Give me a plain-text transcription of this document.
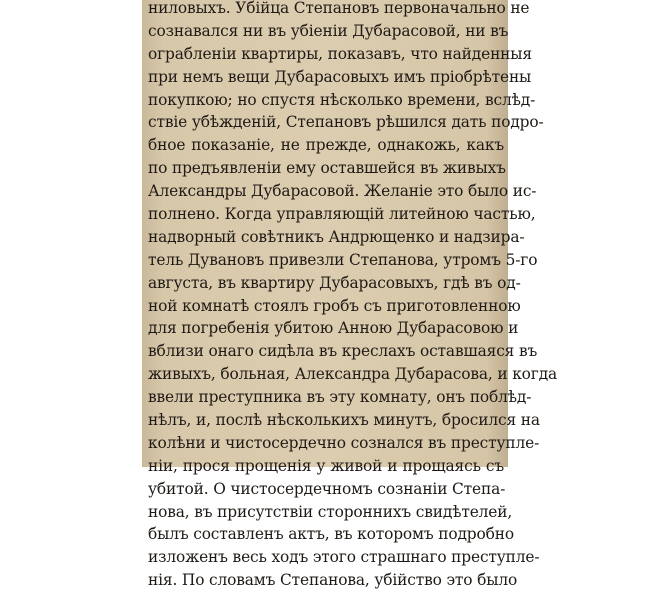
ниловыхъ. Убійца Степановъ первоначально не
сознавался ни въ убіеніи Дубарасовой, ни въ
ограбленіи квартиры, показавъ, что найденныя
при немъ вещи Дубарасовыхъ имъ пріобрѣтены
покупкою; но спустя нѣсколько времени, вслѣд-
ствіе убѣжденій, Степановъ рѣшился дать подро-
бное показаніе, не прежде, однакожь, какъ
по предъявленіи ему оставшейся въ живыхъ
Александры Дубарасовой. Желаніе это было ис-
полнено. Когда управляющій литейною частью,
надворный совѣтникъ Андрющенко и надзира-
тель Дувановъ привезли Степанова, утромъ 5-го
августа, въ квартиру Дубарасовыхъ, гдѣ въ од-
ной комнатѣ стоялъ гробъ съ приготовленною
для погребенія убитою Анною Дубарасовою и
вблизи онаго сидѣла въ креслахъ оставшаяся въ
живыхъ, больная, Александра Дубарасова, и когда
ввели преступника въ эту комнату, онъ поблѣд-
нѣлъ, и, послѣ нѣсколькихъ минутъ, бросился на
колѣни и чистосердечно сознался въ преступле-
ніи, прося прощенія у живой и прощаясь съ
убитой. О чистосердечномъ сознаніи Степа-
нова, въ присутствіи стороннихъ свидѣтелей,
былъ составленъ актъ, въ которомъ подробно
изложенъ весь ходъ этого страшнаго преступле-
нія. По словамъ Степанова, убійство это было
